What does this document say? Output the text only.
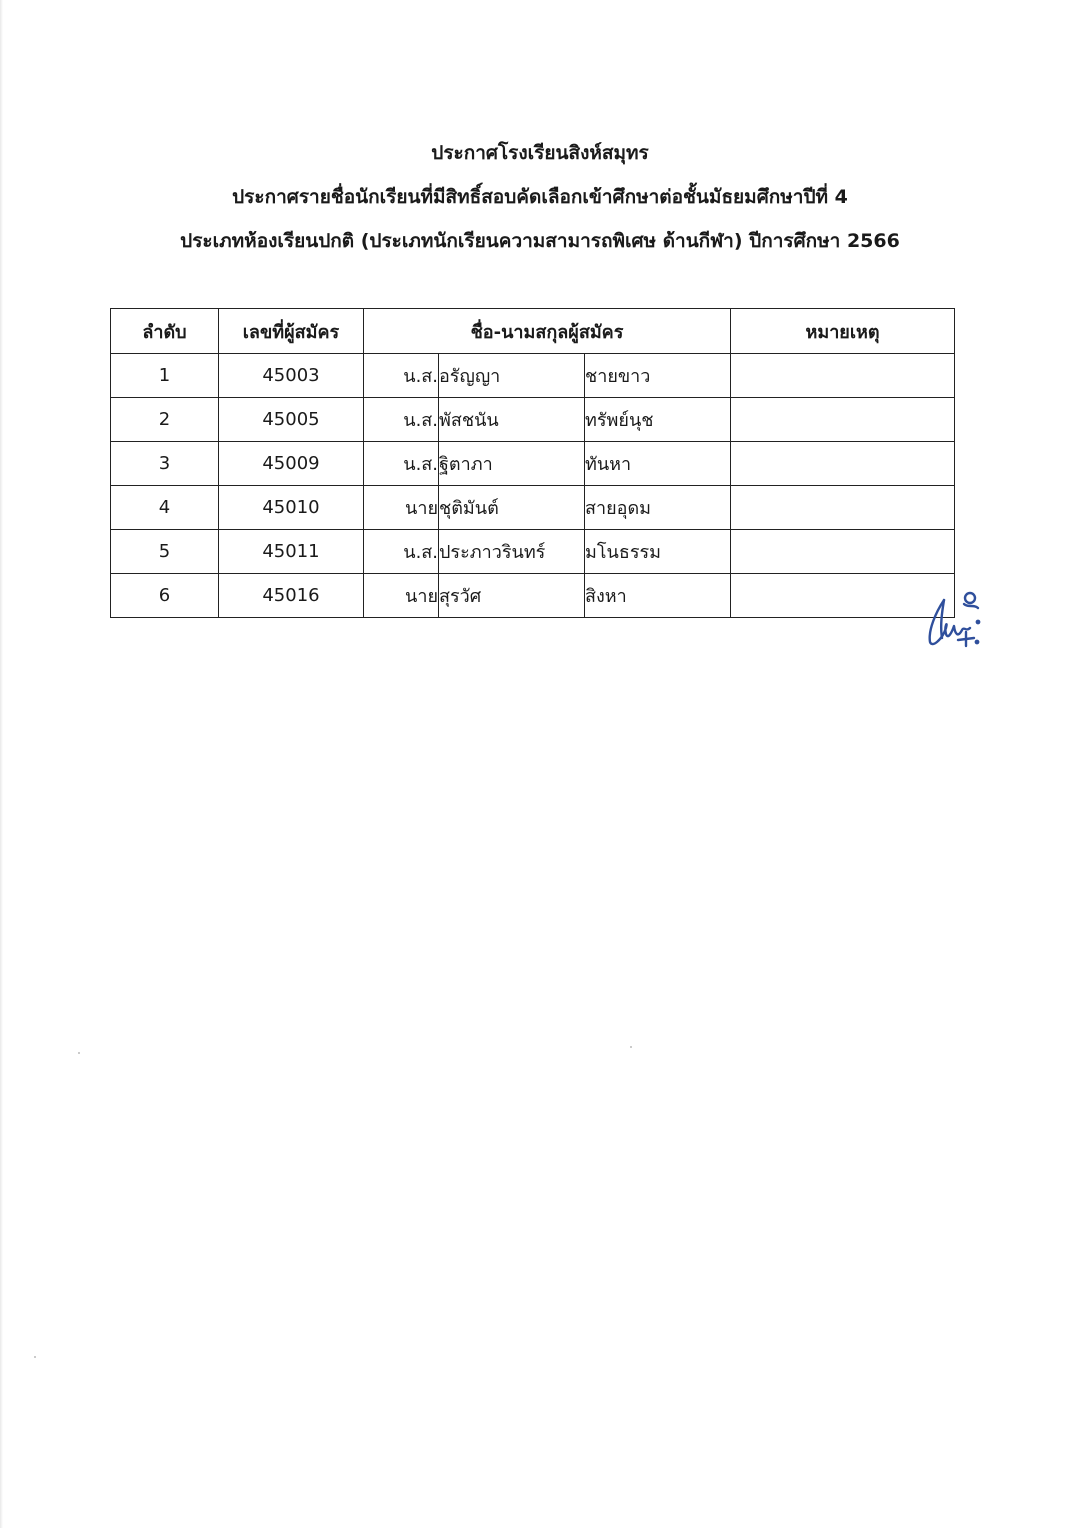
ประกาศโรงเรียนสิงห์สมุทร
ประกาศรายชื่อนักเรียนที่มีสิทธิ์สอบคัดเลือกเข้าศึกษาต่อชั้นมัธยมศึกษาปีที่ 4
ประเภทห้องเรียนปกติ (ประเภทนักเรียนความสามารถพิเศษ ด้านกีฬา) ปีการศึกษา 2566
ลำดับ	เลขที่ผู้สมัคร	ชื่อ-นามสกุลผู้สมัคร			หมายเหตุ
1	45003	น.ส.	อรัญญา	ชายขาว	
2	45005	น.ส.	พัสชนัน	ทรัพย์นุช	
3	45009	น.ส.	ฐิตาภา	ทันหา	
4	45010	นาย	ชุติมันต์	สายอุดม	
5	45011	น.ส.	ประภาวรินทร์	มโนธรรม	
6	45016	นาย	สุรวัศ	สิงหา	
